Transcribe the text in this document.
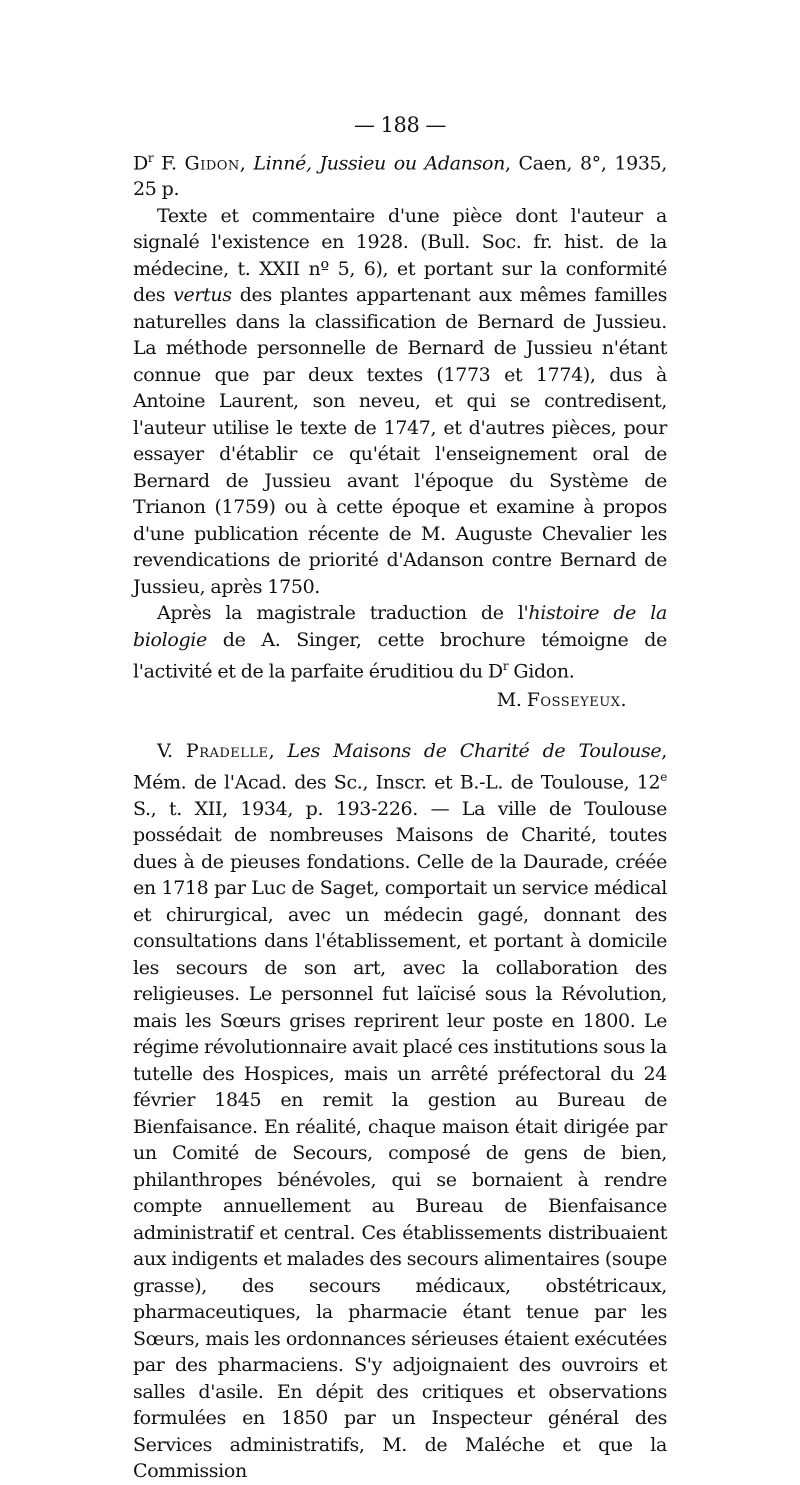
— 188 —

$D^r$ F. Gidon, Linné, Jussieu ou Adanson, Caen, 8°, 1935, 25 p.

Texte et commentaire d'une pièce dont l'auteur a signalé l'existence en 1928. (Bull. Soc. fr. hist. de la médecine, t. XXII nº 5, 6), et portant sur la conformité des vertus des plantes appartenant aux mêmes familles naturelles dans la classification de Bernard de Jussieu. La méthode personnelle de Bernard de Jussieu n'étant connue que par deux textes (1773 et 1774), dus à Antoine Laurent, son neveu, et qui se contredisent, l'auteur utilise le texte de 1747, et d'autres pièces, pour essayer d'établir ce qu'était l'enseignement oral de Bernard de Jussieu avant l'époque du Système de Trianon (1759) ou à cette époque et examine à propos d'une publication récente de M. Auguste Chevalier les revendications de priorité d'Adanson contre Bernard de Jussieu, après 1750.

Après la magistrale traduction de l'histoire de la biologie de A. Singer, cette brochure témoigne de l'activité et de la parfaite éruditiou du $D^r$ Gidon.

M. Fosseyeux.

V. Pradelle, Les Maisons de Charité de Toulouse, Mém. de l'Acad. des Sc., Inscr. et B.-L. de Toulouse, 12e S., t. XII, 1934, p. 193-226. — La ville de Toulouse possédait de nombreuses Maisons de Charité, toutes dues à de pieuses fondations. Celle de la Daurade, créée en 1718 par Luc de Saget, comportait un service médical et chirurgical, avec un médecin gagé, donnant des consultations dans l'établissement, et portant à domicile les secours de son art, avec la collaboration des religieuses. Le personnel fut laïcisé sous la Révolution, mais les Sœurs grises reprirent leur poste en 1800. Le régime révolutionnaire avait placé ces institutions sous la tutelle des Hospices, mais un arrêté préfectoral du 24 février 1845 en remit la gestion au Bureau de Bienfaisance. En réalité, chaque maison était dirigée par un Comité de Secours, composé de gens de bien, philanthropes bénévoles, qui se bornaient à rendre compte annuellement au Bureau de Bienfaisance administratif et central. Ces établissements distribuaient aux indigents et malades des secours alimentaires (soupe grasse), des secours médicaux, obstétricaux, pharmaceutiques, la pharmacie étant tenue par les Sœurs, mais les ordonnances sérieuses étaient exécutées par des pharmaciens. S'y adjoignaient des ouvroirs et salles d'asile. En dépit des critiques et observations formulées en 1850 par un Inspecteur général des Services administratifs, M. de Maléche et que la Commission
